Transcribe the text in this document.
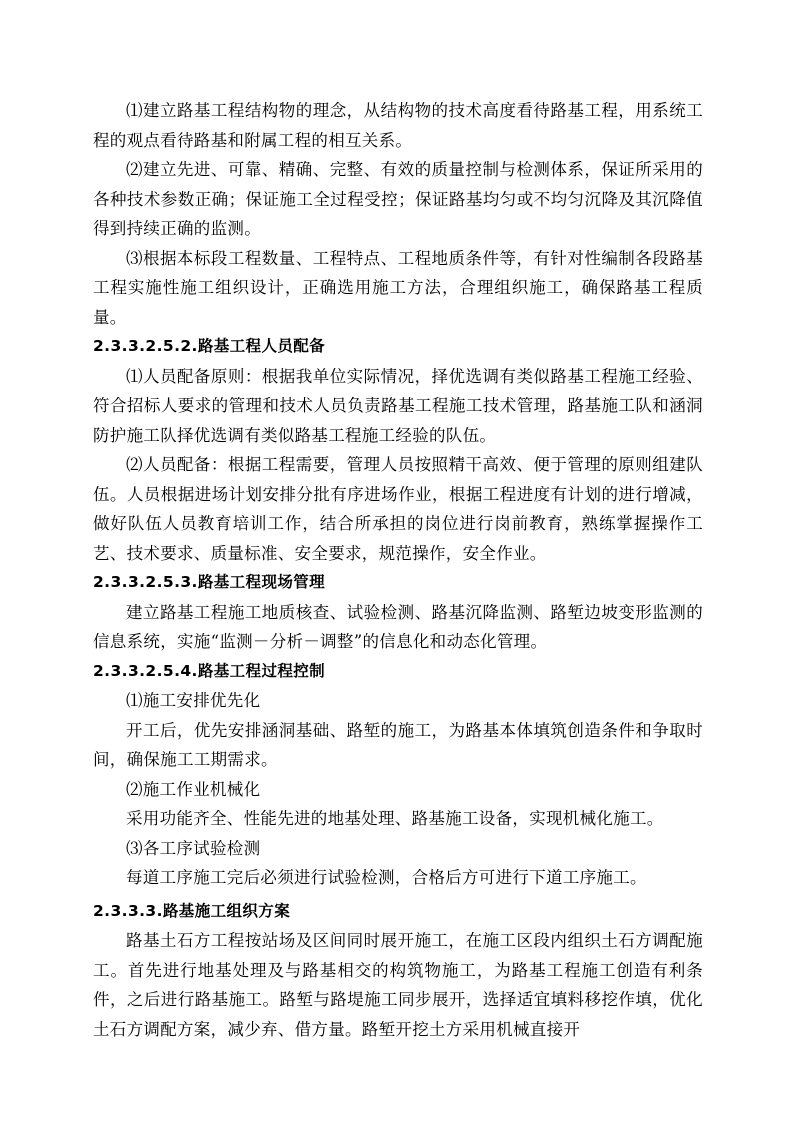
⑴建立路基工程结构物的理念，从结构物的技术高度看待路基工程，用系统工程的观点看待路基和附属工程的相互关系。

⑵建立先进、可靠、精确、完整、有效的质量控制与检测体系，保证所采用的各种技术参数正确；保证施工全过程受控；保证路基均匀或不均匀沉降及其沉降值得到持续正确的监测。

⑶根据本标段工程数量、工程特点、工程地质条件等，有针对性编制各段路基工程实施性施工组织设计，正确选用施工方法，合理组织施工，确保路基工程质量。

2.3.3.2.5.2.路基工程人员配备

⑴人员配备原则：根据我单位实际情况，择优选调有类似路基工程施工经验、符合招标人要求的管理和技术人员负责路基工程施工技术管理，路基施工队和涵洞防护施工队择优选调有类似路基工程施工经验的队伍。

⑵人员配备：根据工程需要，管理人员按照精干高效、便于管理的原则组建队伍。人员根据进场计划安排分批有序进场作业，根据工程进度有计划的进行增减，做好队伍人员教育培训工作，结合所承担的岗位进行岗前教育，熟练掌握操作工艺、技术要求、质量标准、安全要求，规范操作，安全作业。

2.3.3.2.5.3.路基工程现场管理

建立路基工程施工地质核查、试验检测、路基沉降监测、路堑边坡变形监测的信息系统，实施“监测－分析－调整”的信息化和动态化管理。

2.3.3.2.5.4.路基工程过程控制

⑴施工安排优先化

开工后，优先安排涵洞基础、路堑的施工，为路基本体填筑创造条件和争取时间，确保施工工期需求。

⑵施工作业机械化

采用功能齐全、性能先进的地基处理、路基施工设备，实现机械化施工。

⑶各工序试验检测

每道工序施工完后必须进行试验检测，合格后方可进行下道工序施工。

2.3.3.3.路基施工组织方案

路基土石方工程按站场及区间同时展开施工，在施工区段内组织土石方调配施工。首先进行地基处理及与路基相交的构筑物施工，为路基工程施工创造有利条件，之后进行路基施工。路堑与路堤施工同步展开，选择适宜填料移挖作填，优化土石方调配方案，减少弃、借方量。路堑开挖土方采用机械直接开
